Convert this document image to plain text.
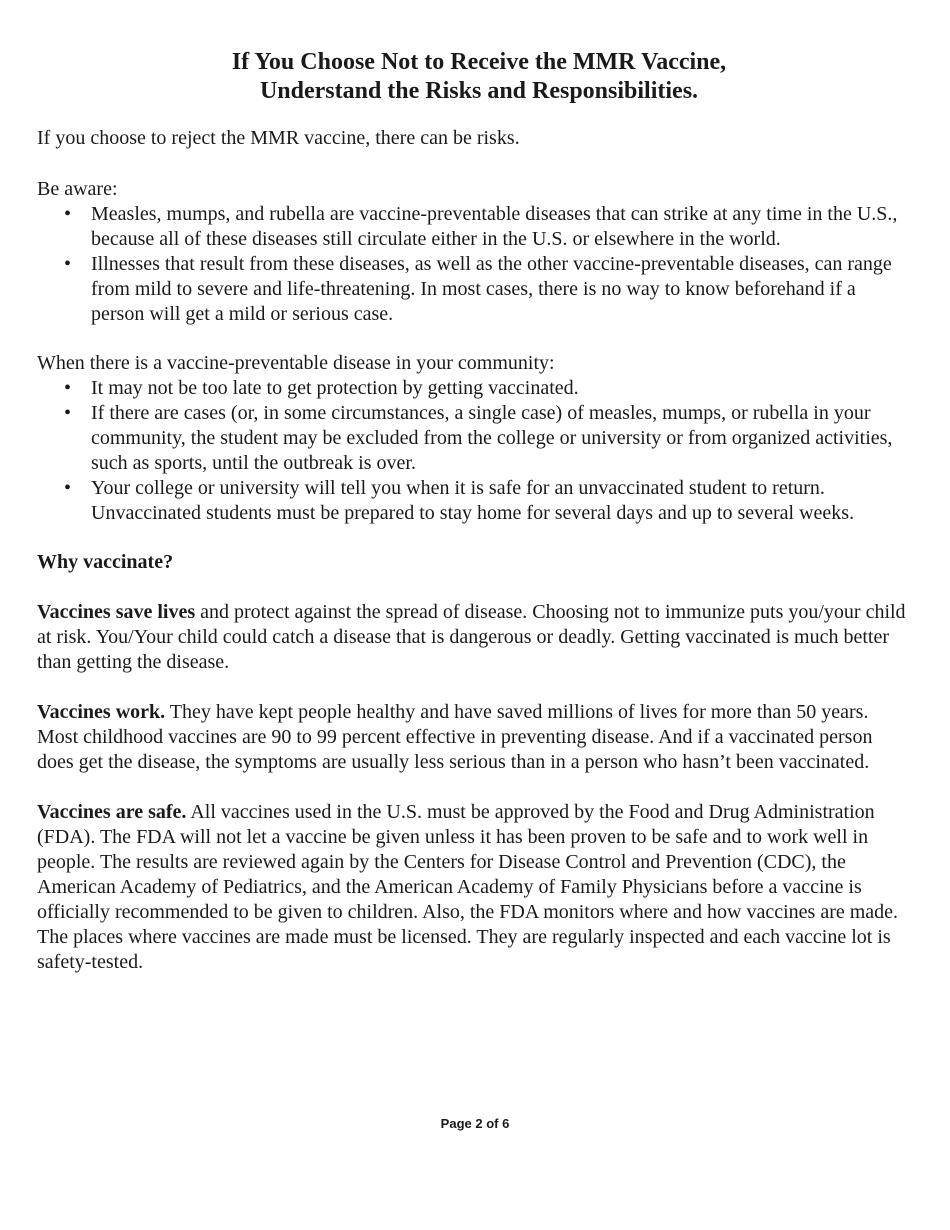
If You Choose Not to Receive the MMR Vaccine,
Understand the Risks and Responsibilities.

If you choose to reject the MMR vaccine, there can be risks.

Be aware:

• Measles, mumps, and rubella are vaccine-preventable diseases that can strike at any time in the U.S., because all of these diseases still circulate either in the U.S. or elsewhere in the world.
• Illnesses that result from these diseases, as well as the other vaccine-preventable diseases, can range from mild to severe and life-threatening. In most cases, there is no way to know beforehand if a person will get a mild or serious case.

When there is a vaccine-preventable disease in your community:

• It may not be too late to get protection by getting vaccinated.
• If there are cases (or, in some circumstances, a single case) of measles, mumps, or rubella in your community, the student may be excluded from the college or university or from organized activities, such as sports, until the outbreak is over.
• Your college or university will tell you when it is safe for an unvaccinated student to return. Unvaccinated students must be prepared to stay home for several days and up to several weeks.

Why vaccinate?

Vaccines save lives and protect against the spread of disease. Choosing not to immunize puts you/your child at risk. You/Your child could catch a disease that is dangerous or deadly. Getting vaccinated is much better than getting the disease.

Vaccines work. They have kept people healthy and have saved millions of lives for more than 50 years. Most childhood vaccines are 90 to 99 percent effective in preventing disease. And if a vaccinated person does get the disease, the symptoms are usually less serious than in a person who hasn’t been vaccinated.

Vaccines are safe. All vaccines used in the U.S. must be approved by the Food and Drug Administration (FDA). The FDA will not let a vaccine be given unless it has been proven to be safe and to work well in people. The results are reviewed again by the Centers for Disease Control and Prevention (CDC), the American Academy of Pediatrics, and the American Academy of Family Physicians before a vaccine is officially recommended to be given to children. Also, the FDA monitors where and how vaccines are made. The places where vaccines are made must be licensed. They are regularly inspected and each vaccine lot is safety-tested.

Page 2 of 6
